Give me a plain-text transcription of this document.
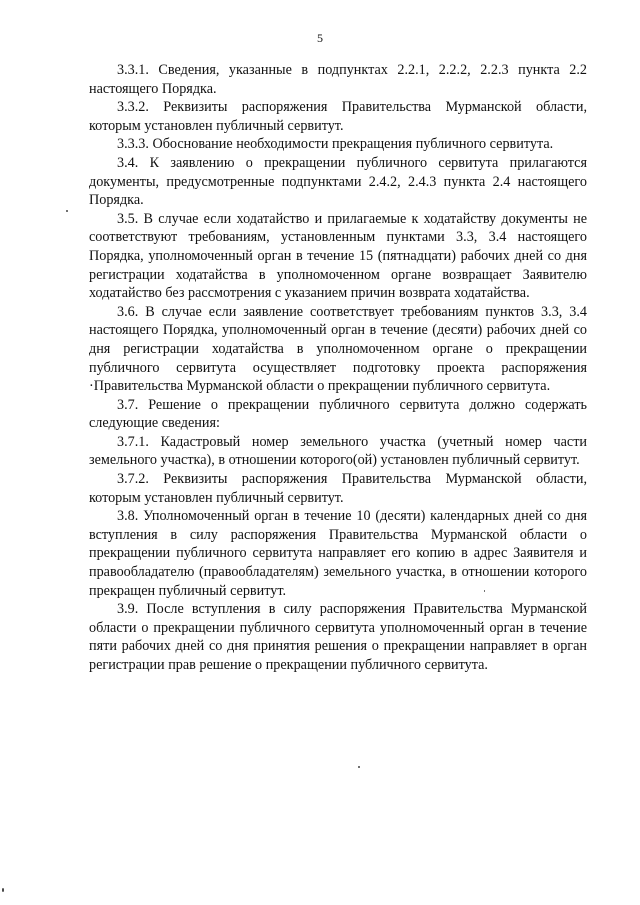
5

3.3.1. Сведения, указанные в подпунктах 2.2.1, 2.2.2, 2.2.3 пункта 2.2 настоящего Порядка.

3.3.2. Реквизиты распоряжения Правительства Мурманской области, которым установлен публичный сервитут.

3.3.3. Обоснование необходимости прекращения публичного сервитута.

3.4. К заявлению о прекращении публичного сервитута прилагаются документы, предусмотренные подпунктами 2.4.2, 2.4.3 пункта 2.4 настоящего Порядка.

3.5. В случае если ходатайство и прилагаемые к ходатайству документы не соответствуют требованиям, установленным пунктами 3.3, 3.4 настоящего Порядка, уполномоченный орган в течение 15 (пятнадцати) рабочих дней со дня регистрации ходатайства в уполномоченном органе возвращает Заявителю ходатайство без рассмотрения с указанием причин возврата ходатайства.

3.6. В случае если заявление соответствует требованиям пунктов 3.3, 3.4 настоящего Порядка, уполномоченный орган в течение (десяти) рабочих дней со дня регистрации ходатайства в уполномоченном органе о прекращении публичного сервитута осуществляет подготовку проекта распоряжения ·Правительства Мурманской области о прекращении публичного сервитута.

3.7. Решение о прекращении публичного сервитута должно содержать следующие сведения:

3.7.1. Кадастровый номер земельного участка (учетный номер части земельного участка), в отношении которого(ой) установлен публичный сервитут.

3.7.2. Реквизиты распоряжения Правительства Мурманской области, которым установлен публичный сервитут.

3.8. Уполномоченный орган в течение 10 (десяти) календарных дней со дня вступления в силу распоряжения Правительства Мурманской области о прекращении публичного сервитута направляет его копию в адрес Заявителя и правообладателю (правообладателям) земельного участка, в отношении которого прекращен публичный сервитут.

3.9. После вступления в силу распоряжения Правительства Мурманской области о прекращении публичного сервитута уполномоченный орган в течение пяти рабочих дней со дня принятия решения о прекращении направляет в орган регистрации прав решение о прекращении публичного сервитута.
